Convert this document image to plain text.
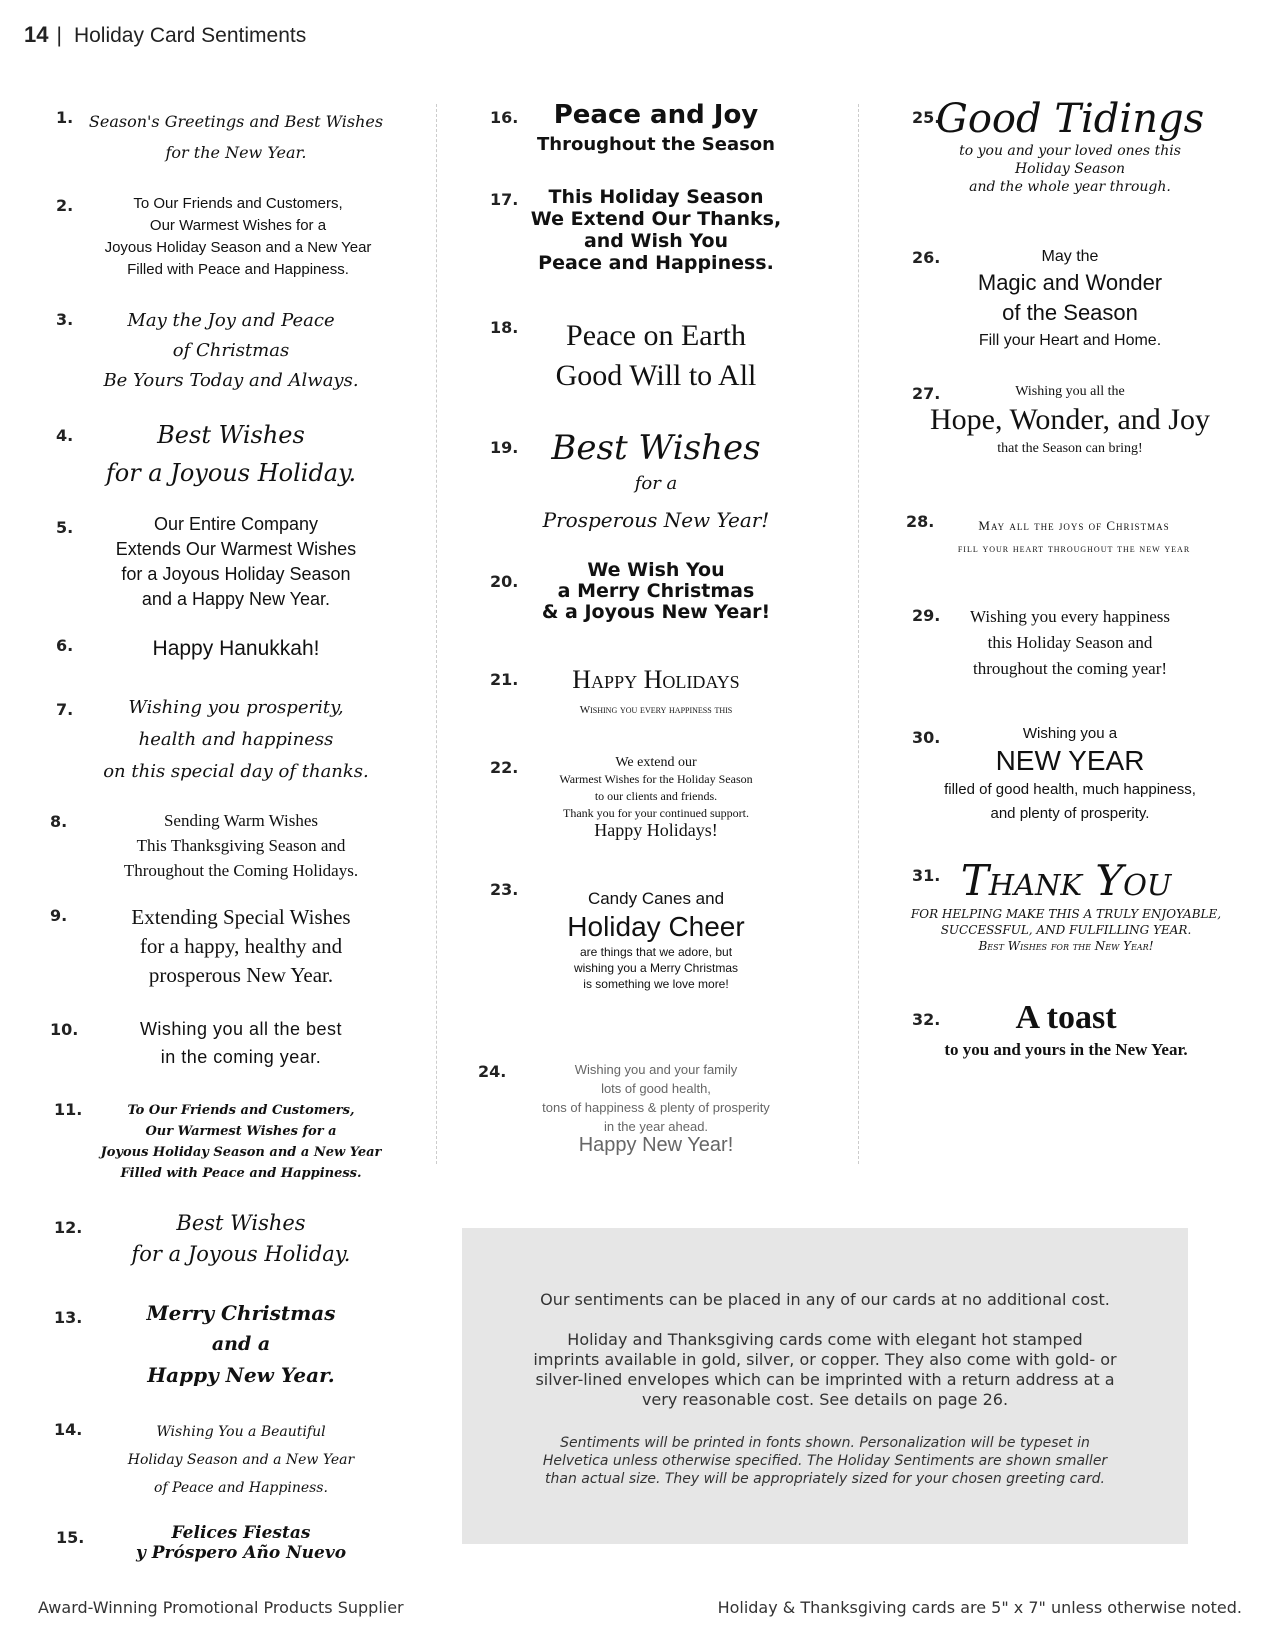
14 | Holiday Card Sentiments
1. Season's Greetings and Best Wishes
for the New Year.
2.	To Our Friends and Customers,
Our Warmest Wishes for a
Joyous Holiday Season and a New Year
Filled with Peace and Happiness.
3.	May the Joy and Peace
of Christmas
Be Yours Today and Always.
4.	Best Wishes
for a Joyous Holiday.
5.	Our Entire Company
Extends Our Warmest Wishes
for a Joyous Holiday Season
and a Happy New Year.
6.	Happy Hanukkah!
7.	Wishing you prosperity,
health and happiness
on this special day of thanks.
8.	Sending Warm Wishes
This Thanksgiving Season and
Throughout the Coming Holidays.
9.	Extending Special Wishes
for a happy, healthy and
prosperous New Year.
10.	Wishing you all the best
in the coming year.
11.	To Our Friends and Customers,
Our Warmest Wishes for a
Joyous Holiday Season and a New Year
Filled with Peace and Happiness.
12.	Best Wishes
for a Joyous Holiday.
13.	Merry Christmas
and a
Happy New Year.
14.	Wishing You a Beautiful
Holiday Season and a New Year
of Peace and Happiness.
15.	Felices Fiestas
y Próspero Año Nuevo
16.	Peace and Joy
Throughout the Season
17.	This Holiday Season
We Extend Our Thanks,
and Wish You
Peace and Happiness.
18.	Peace on Earth
Good Will to All
19. Best Wishes
for a
Prosperous New Year!
20.
We Wish You
a Merry Christmas
& a Joyous New Year!
21.	Happy Holidays
Wishing you every happiness this
22.	We extend our
Warmest Wishes for the Holiday Season
to our clients and friends.
Thank you for your continued support.
Happy Holidays!
23.	Candy Canes and
Holiday Cheer
are things that we adore, but
wishing you a Merry Christmas
is something we love more!
24.	Wishing you and your family
lots of good health,
tons of happiness & plenty of prosperity
in the year ahead.
Happy New Year!
25.
Good Tidings
to you and your loved ones this
Holiday Season
and the whole year through.
26.	May the
Magic and Wonder
of the Season
Fill your Heart and Home.
27.	Wishing you all the
Hope, Wonder, and Joy
that the Season can bring!
28.	May all the joys of Christmas
fill your heart throughout the new year
29.	Wishing you every happiness
this Holiday Season and
throughout the coming year!
30.	Wishing you a
NEW YEAR
filled of good health, much happiness,
and plenty of prosperity.
31. Thank You
FOR HELPING MAKE THIS A TRULY ENJOYABLE,
SUCCESSFUL, AND FULFILLING YEAR.
Best Wishes for the New Year!
32.	A toast
to you and yours in the New Year.

Our sentiments can be placed in any of our cards at no additional cost.

Holiday and Thanksgiving cards come with elegant hot stamped
imprints available in gold, silver, or copper. They also come with gold- or
silver-lined envelopes which can be imprinted with a return address at a
very reasonable cost. See details on page 26.
Sentiments will be printed in fonts shown. Personalization will be typeset in
Helvetica unless otherwise specified. The Holiday Sentiments are shown smaller
than actual size. They will be appropriately sized for your chosen greeting card.
Award-Winning Promotional Products Supplier	Holiday & Thanksgiving cards are 5" x 7" unless otherwise noted.
